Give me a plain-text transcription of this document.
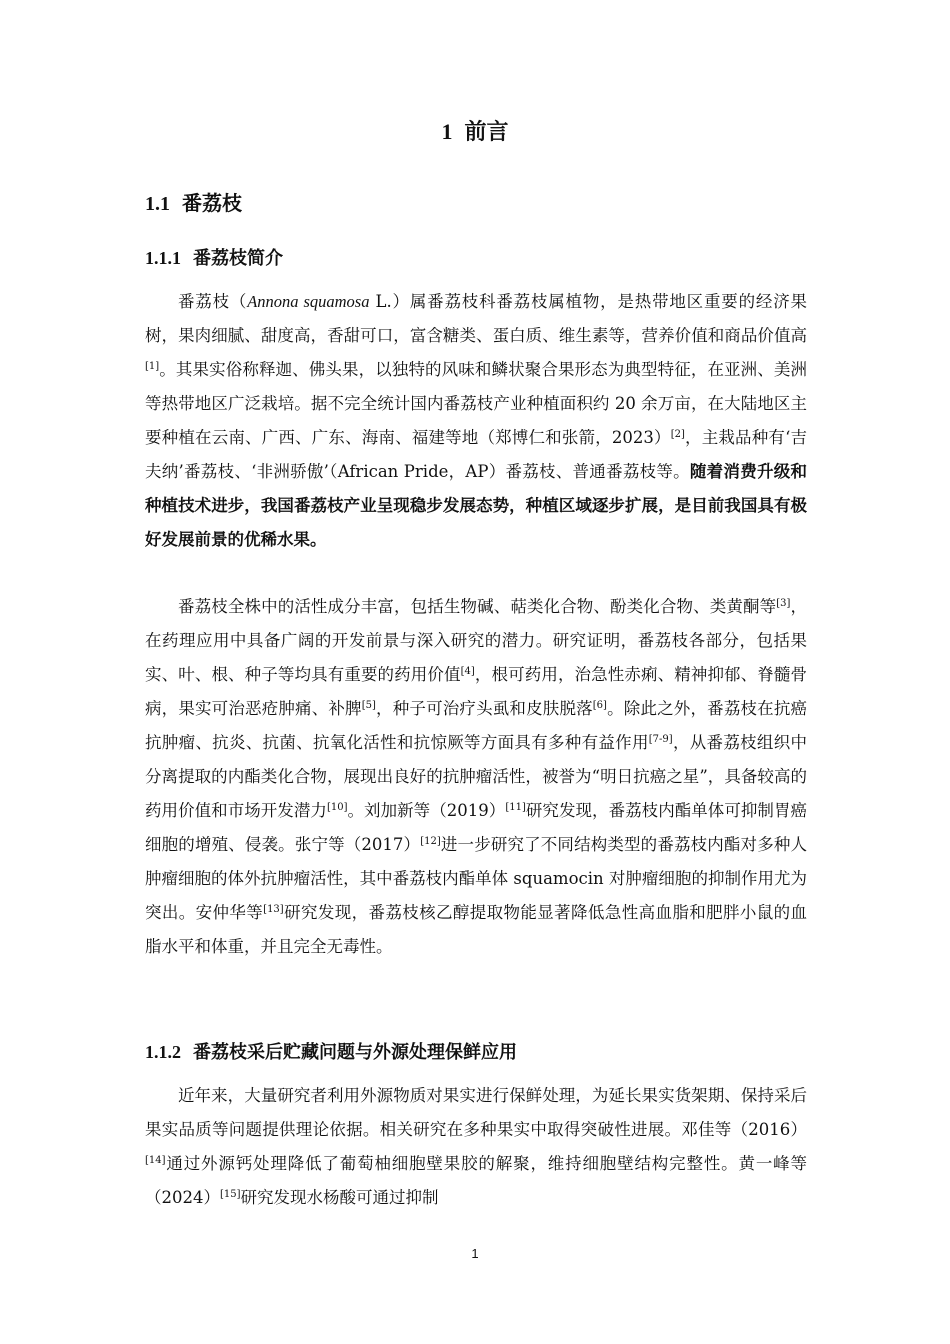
1 前言
1.1 番荔枝
1.1.1 番荔枝简介

番荔枝（Annona squamosa L.）属番荔枝科番荔枝属植物，是热带地区重要的经济果树，果肉细腻、甜度高，香甜可口，富含糖类、蛋白质、维生素等，营养价值和商品价值高[1]。其果实俗称释迦、佛头果，以独特的风味和鳞状聚合果形态为典型特征，在亚洲、美洲等热带地区广泛栽培。据不完全统计国内番荔枝产业种植面积约 20 余万亩，在大陆地区主要种植在云南、广西、广东、海南、福建等地（郑博仁和张箭，2023）[2]，主栽品种有‘吉夫纳’番荔枝、‘非洲骄傲’（African Pride，AP）番荔枝、普通番荔枝等。随着消费升级和种植技术进步，我国番荔枝产业呈现稳步发展态势，种植区域逐步扩展，是目前我国具有极好发展前景的优稀水果。

番荔枝全株中的活性成分丰富，包括生物碱、萜类化合物、酚类化合物、类黄酮等[3]，在药理应用中具备广阔的开发前景与深入研究的潜力。研究证明，番荔枝各部分，包括果实、叶、根、种子等均具有重要的药用价值[4]，根可药用，治急性赤痢、精神抑郁、脊髓骨病，果实可治恶疮肿痛、补脾[5]，种子可治疗头虱和皮肤脱落[6]。除此之外，番荔枝在抗癌抗肿瘤、抗炎、抗菌、抗氧化活性和抗惊厥等方面具有多种有益作用[7-9]，从番荔枝组织中分离提取的内酯类化合物，展现出良好的抗肿瘤活性，被誉为“明日抗癌之星”，具备较高的药用价值和市场开发潜力[10]。刘加新等（2019）[11]研究发现，番荔枝内酯单体可抑制胃癌细胞的增殖、侵袭。张宁等（2017）[12]进一步研究了不同结构类型的番荔枝内酯对多种人肿瘤细胞的体外抗肿瘤活性，其中番荔枝内酯单体 squamocin 对肿瘤细胞的抑制作用尤为突出。安仲华等[13]研究发现，番荔枝核乙醇提取物能显著降低急性高血脂和肥胖小鼠的血脂水平和体重，并且完全无毒性。

1.1.2 番荔枝采后贮藏问题与外源处理保鲜应用

近年来，大量研究者利用外源物质对果实进行保鲜处理，为延长果实货架期、保持采后果实品质等问题提供理论依据。相关研究在多种果实中取得突破性进展。邓佳等（2016）[14]通过外源钙处理降低了葡萄柚细胞壁果胶的解聚，维持细胞壁结构完整性。黄一峰等（2024）[15]研究发现水杨酸可通过抑制

1
